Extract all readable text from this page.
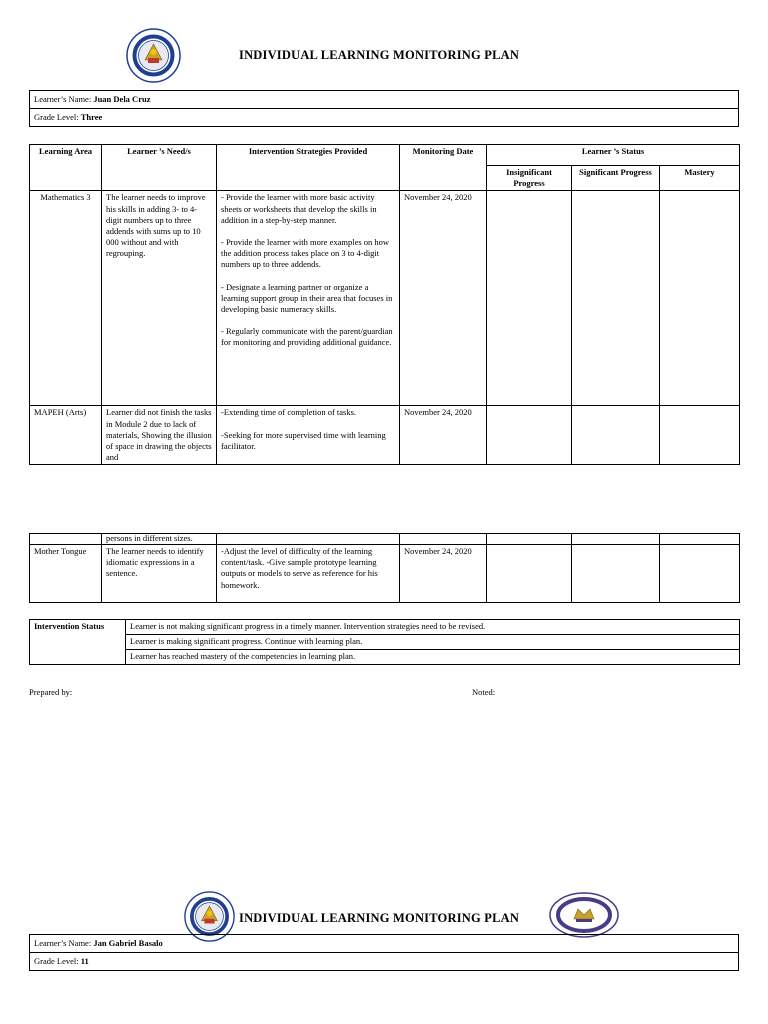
INDIVIDUAL LEARNING MONITORING PLAN
Learner’s Name: Juan Dela Cruz
Grade Level: Three
Learning Area	Learner ’s Need/s	Intervention Strategies Provided	Monitoring Date	Learner ’s Status		
				Insignificant Progress	Significant Progress	Mastery
Mathematics 3	The learner needs to improve his skills in adding 3- to 4-digit numbers up to three addends with sums up to 10 000 without and with regrouping.	- Provide the learner with more basic activity sheets or worksheets that develop the skills in addition in a step-by-step manner.

- Provide the learner with more examples on how the addition process takes place on 3 to 4-digit numbers up to three addends.

- Designate a learning partner or organize a learning support group in their area that focuses in developing basic numeracy skills.

- Regularly communicate with the parent/guardian for monitoring and providing additional guidance.	November 24, 2020			
MAPEH (Arts)	Learner did not finish the tasks in Module 2 due to lack of materials, Showing the illusion of space in drawing the objects and	-Extending time of completion of tasks.

-Seeking for more supervised time with learning facilitator.	November 24, 2020			
	persons in different sizes.					
Mother Tongue	The learner needs to identify idiomatic expressions in a sentence.	-Adjust the level of difficulty of the learning content/task. -Give sample prototype learning outputs or models to serve as reference for his homework.	November 24, 2020			
Intervention Status	Learner is not making significant progress in a timely manner. Intervention strategies need to be revised.
Learner is making significant progress. Continue with learning plan.
Learner has reached mastery of the competencies in learning plan.
Prepared by:	Noted:
INDIVIDUAL LEARNING MONITORING PLAN
Learner’s Name: Jan Gabriel Basalo
Grade Level: 11
